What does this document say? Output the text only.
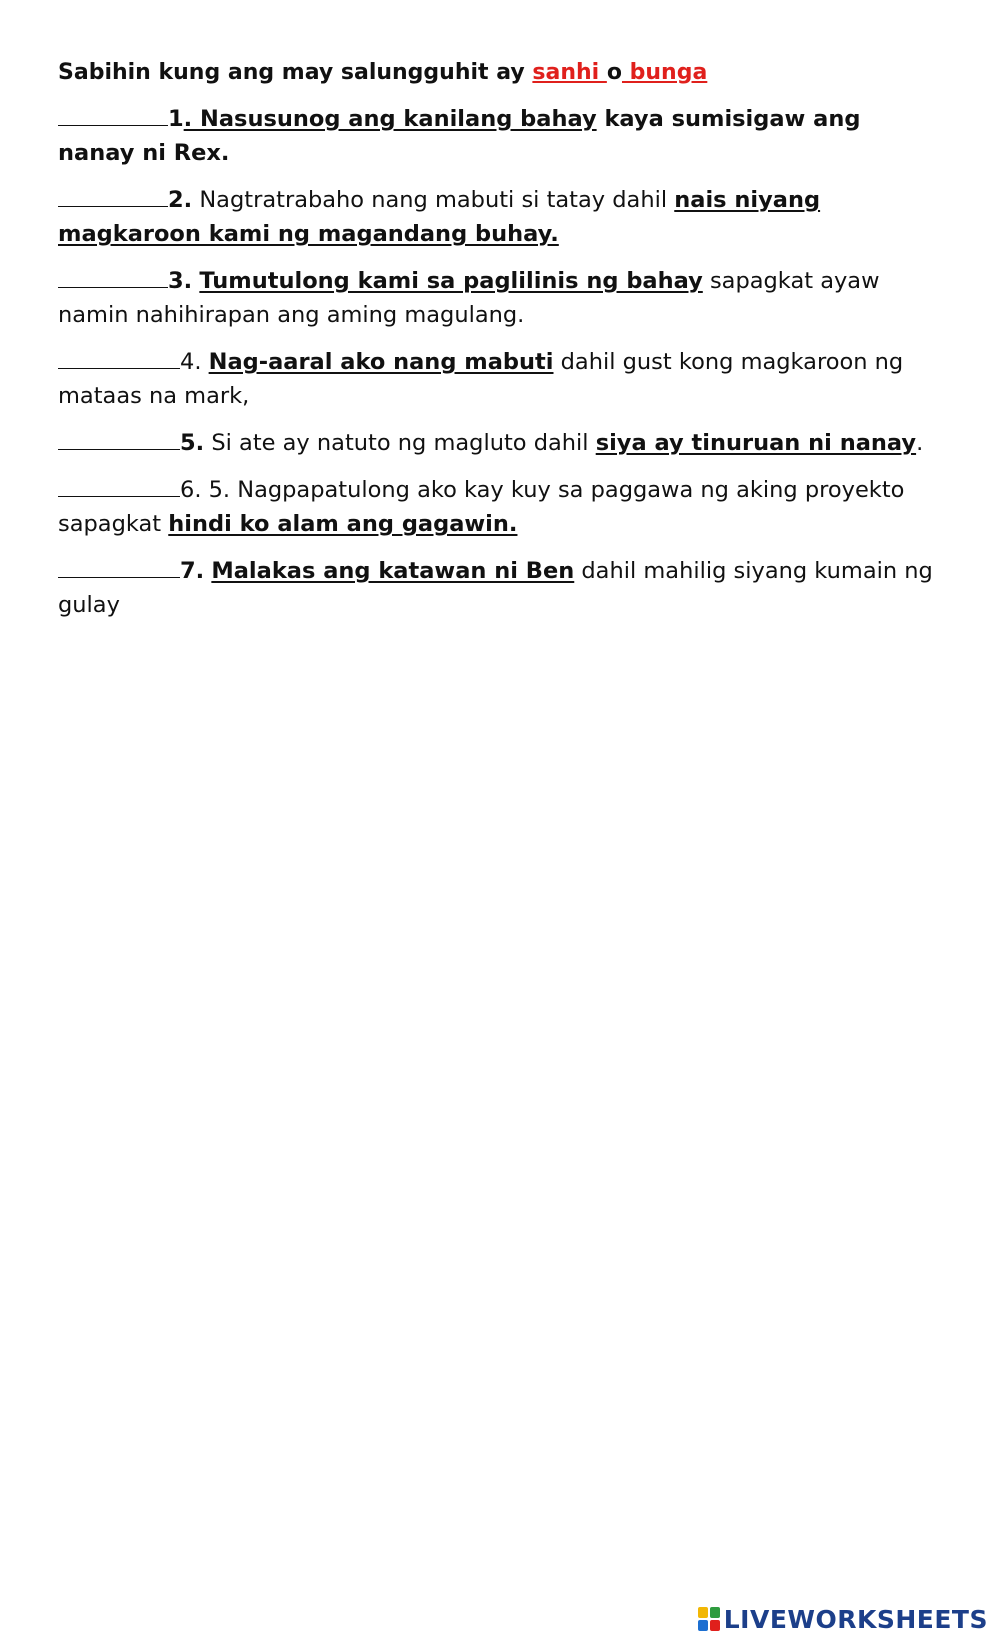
Sabihin kung ang may salungguhit ay sanhi o bunga

1. Nasusunog ang kanilang bahay kaya sumisigaw ang nanay ni Rex.

2. Nagtratrabaho nang mabuti si tatay dahil nais niyang magkaroon kami ng magandang buhay.

3. Tumutulong kami sa paglilinis ng bahay sapagkat ayaw namin nahihirapan ang aming magulang.

4. Nag-aaral ako nang mabuti dahil gust kong magkaroon ng mataas na mark,

5. Si ate ay natuto ng magluto dahil siya ay tinuruan ni nanay.

6. 5. Nagpapatulong ako kay kuy sa paggawa ng aking proyekto sapagkat hindi ko alam ang gagawin.

7. Malakas ang katawan ni Ben dahil mahilig siyang kumain ng gulay

LIVEWORKSHEETS
